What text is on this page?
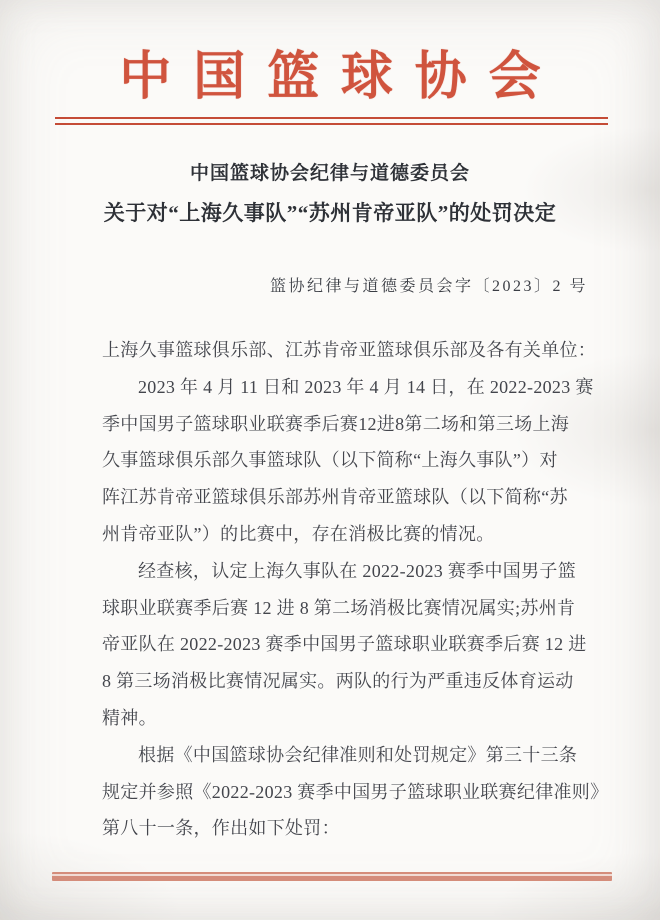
中国篮球协会
中国篮球协会纪律与道德委员会
关于对“上海久事队”“苏州肯帝亚队”的处罚决定
篮协纪律与道德委员会字〔2023〕2 号
上海久事篮球俱乐部、江苏肯帝亚篮球俱乐部及各有关单位：
2023 年 4 月 11 日和 2023 年 4 月 14 日，在 2022-2023 赛
季中国男子篮球职业联赛季后赛12进8第二场和第三场上海
久事篮球俱乐部久事篮球队（以下简称“上海久事队”）对
阵江苏肯帝亚篮球俱乐部苏州肯帝亚篮球队（以下简称“苏
州肯帝亚队”）的比赛中，存在消极比赛的情况。
经查核，认定上海久事队在 2022-2023 赛季中国男子篮
球职业联赛季后赛 12 进 8 第二场消极比赛情况属实;苏州肯
帝亚队在 2022-2023 赛季中国男子篮球职业联赛季后赛 12 进
8 第三场消极比赛情况属实。两队的行为严重违反体育运动
精神。
根据《中国篮球协会纪律准则和处罚规定》第三十三条
规定并参照《2022-2023 赛季中国男子篮球职业联赛纪律准则》
第八十一条，作出如下处罚：
